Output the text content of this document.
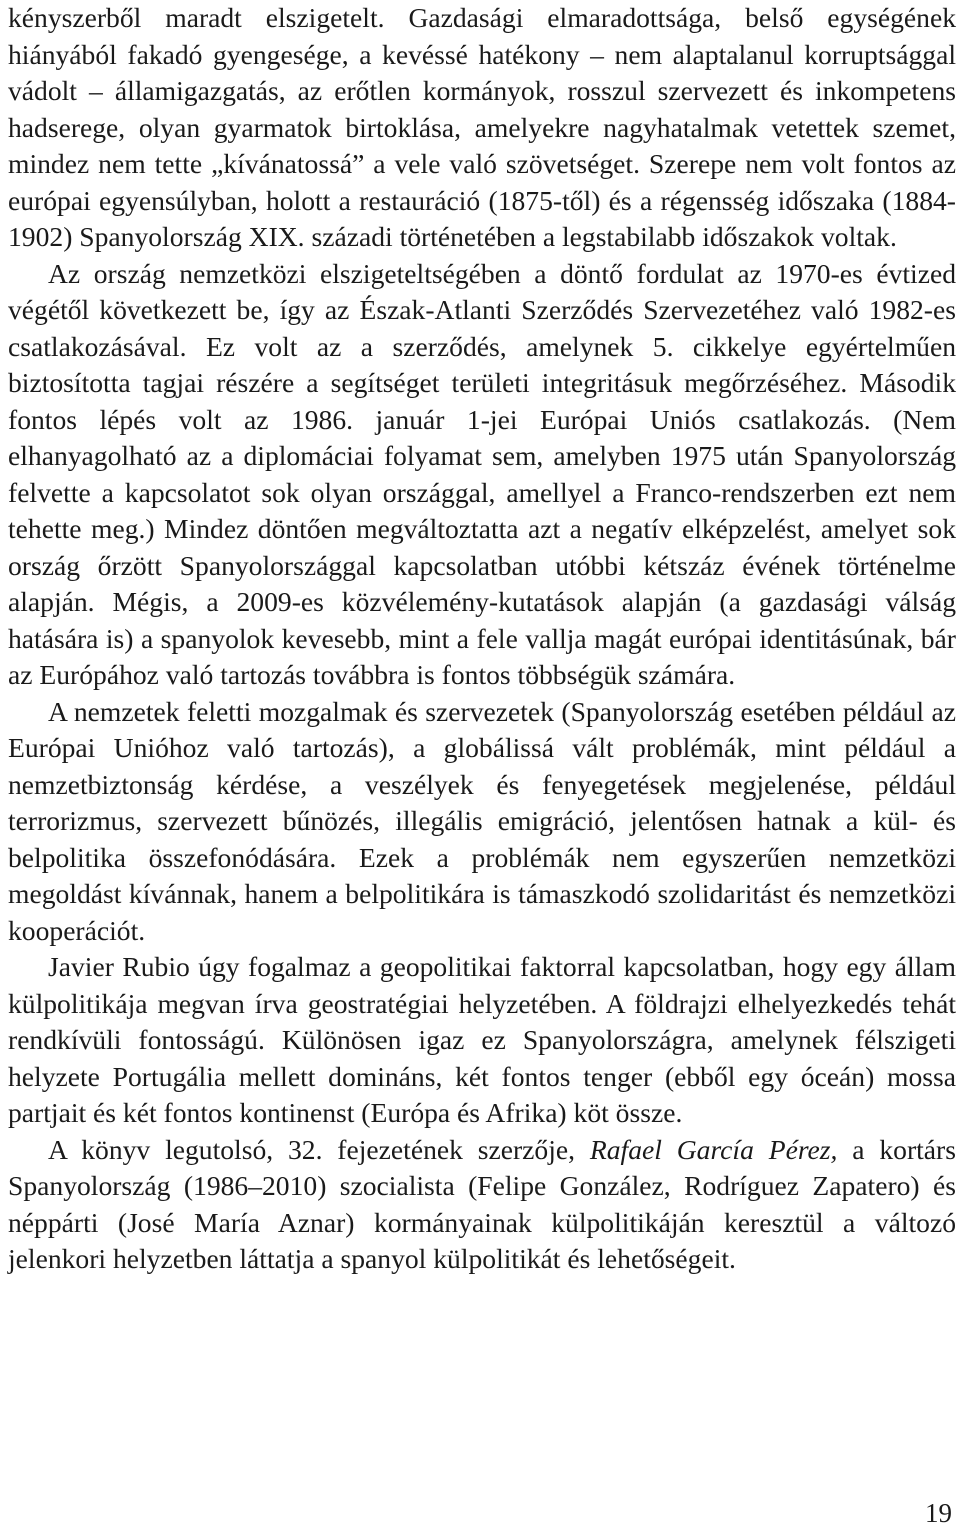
kényszerből maradt elszigetelt. Gazdasági elmaradottsága, belső egységének hiányából fakadó gyengesége, a kevéssé hatékony – nem alaptalanul korruptsággal vádolt – államigazgatás, az erőtlen kormányok, rosszul szervezett és inkompetens hadserege, olyan gyarmatok birtoklása, amelyekre nagyhatalmak vetettek szemet, mindez nem tette „kívánatossá” a vele való szövetséget. Szerepe nem volt fontos az európai egyensúlyban, holott a restauráció (1875-től) és a régensség időszaka (1884-1902) Spanyolország XIX. századi történetében a legstabilabb időszakok voltak.

Az ország nemzetközi elszigeteltségében a döntő fordulat az 1970-es évtized végétől következett be, így az Észak-Atlanti Szerződés Szervezetéhez való 1982-es csatlakozásával. Ez volt az a szerződés, amelynek 5. cikkelye egyértelműen biztosította tagjai részére a segítséget területi integritásuk megőrzéséhez. Második fontos lépés volt az 1986. január 1-jei Európai Uniós csatlakozás. (Nem elhanyagolható az a diplomáciai folyamat sem, amelyben 1975 után Spanyolország felvette a kapcsolatot sok olyan országgal, amellyel a Franco-rendszerben ezt nem tehette meg.) Mindez döntően megváltoztatta azt a negatív elképzelést, amelyet sok ország őrzött Spanyolországgal kapcsolatban utóbbi kétszáz évének történelme alapján. Mégis, a 2009-es közvélemény-kutatások alapján (a gazdasági válság hatására is) a spanyolok kevesebb, mint a fele vallja magát európai identitásúnak, bár az Európához való tartozás továbbra is fontos többségük számára.

A nemzetek feletti mozgalmak és szervezetek (Spanyolország esetében például az Európai Unióhoz való tartozás), a globálissá vált problémák, mint például a nemzetbiztonság kérdése, a veszélyek és fenyegetések megjelenése, például terrorizmus, szervezett bűnözés, illegális emigráció, jelentősen hatnak a kül- és belpolitika összefonódására. Ezek a problémák nem egyszerűen nemzetközi megoldást kívánnak, hanem a belpolitikára is támaszkodó szolidaritást és nemzetközi kooperációt.

Javier Rubio úgy fogalmaz a geopolitikai faktorral kapcsolatban, hogy egy állam külpolitikája megvan írva geostratégiai helyzetében. A földrajzi elhelyezkedés tehát rendkívüli fontosságú. Különösen igaz ez Spanyolországra, amelynek félszigeti helyzete Portugália mellett domináns, két fontos tenger (ebből egy óceán) mossa partjait és két fontos kontinenst (Európa és Afrika) köt össze.

A könyv legutolsó, 32. fejezetének szerzője, Rafael García Pérez, a kortárs Spanyolország (1986–2010) szocialista (Felipe González, Rodríguez Zapatero) és néppárti (José María Aznar) kormányainak külpolitikáján keresztül a változó jelenkori helyzetben láttatja a spanyol külpolitikát és lehetőségeit.

19
